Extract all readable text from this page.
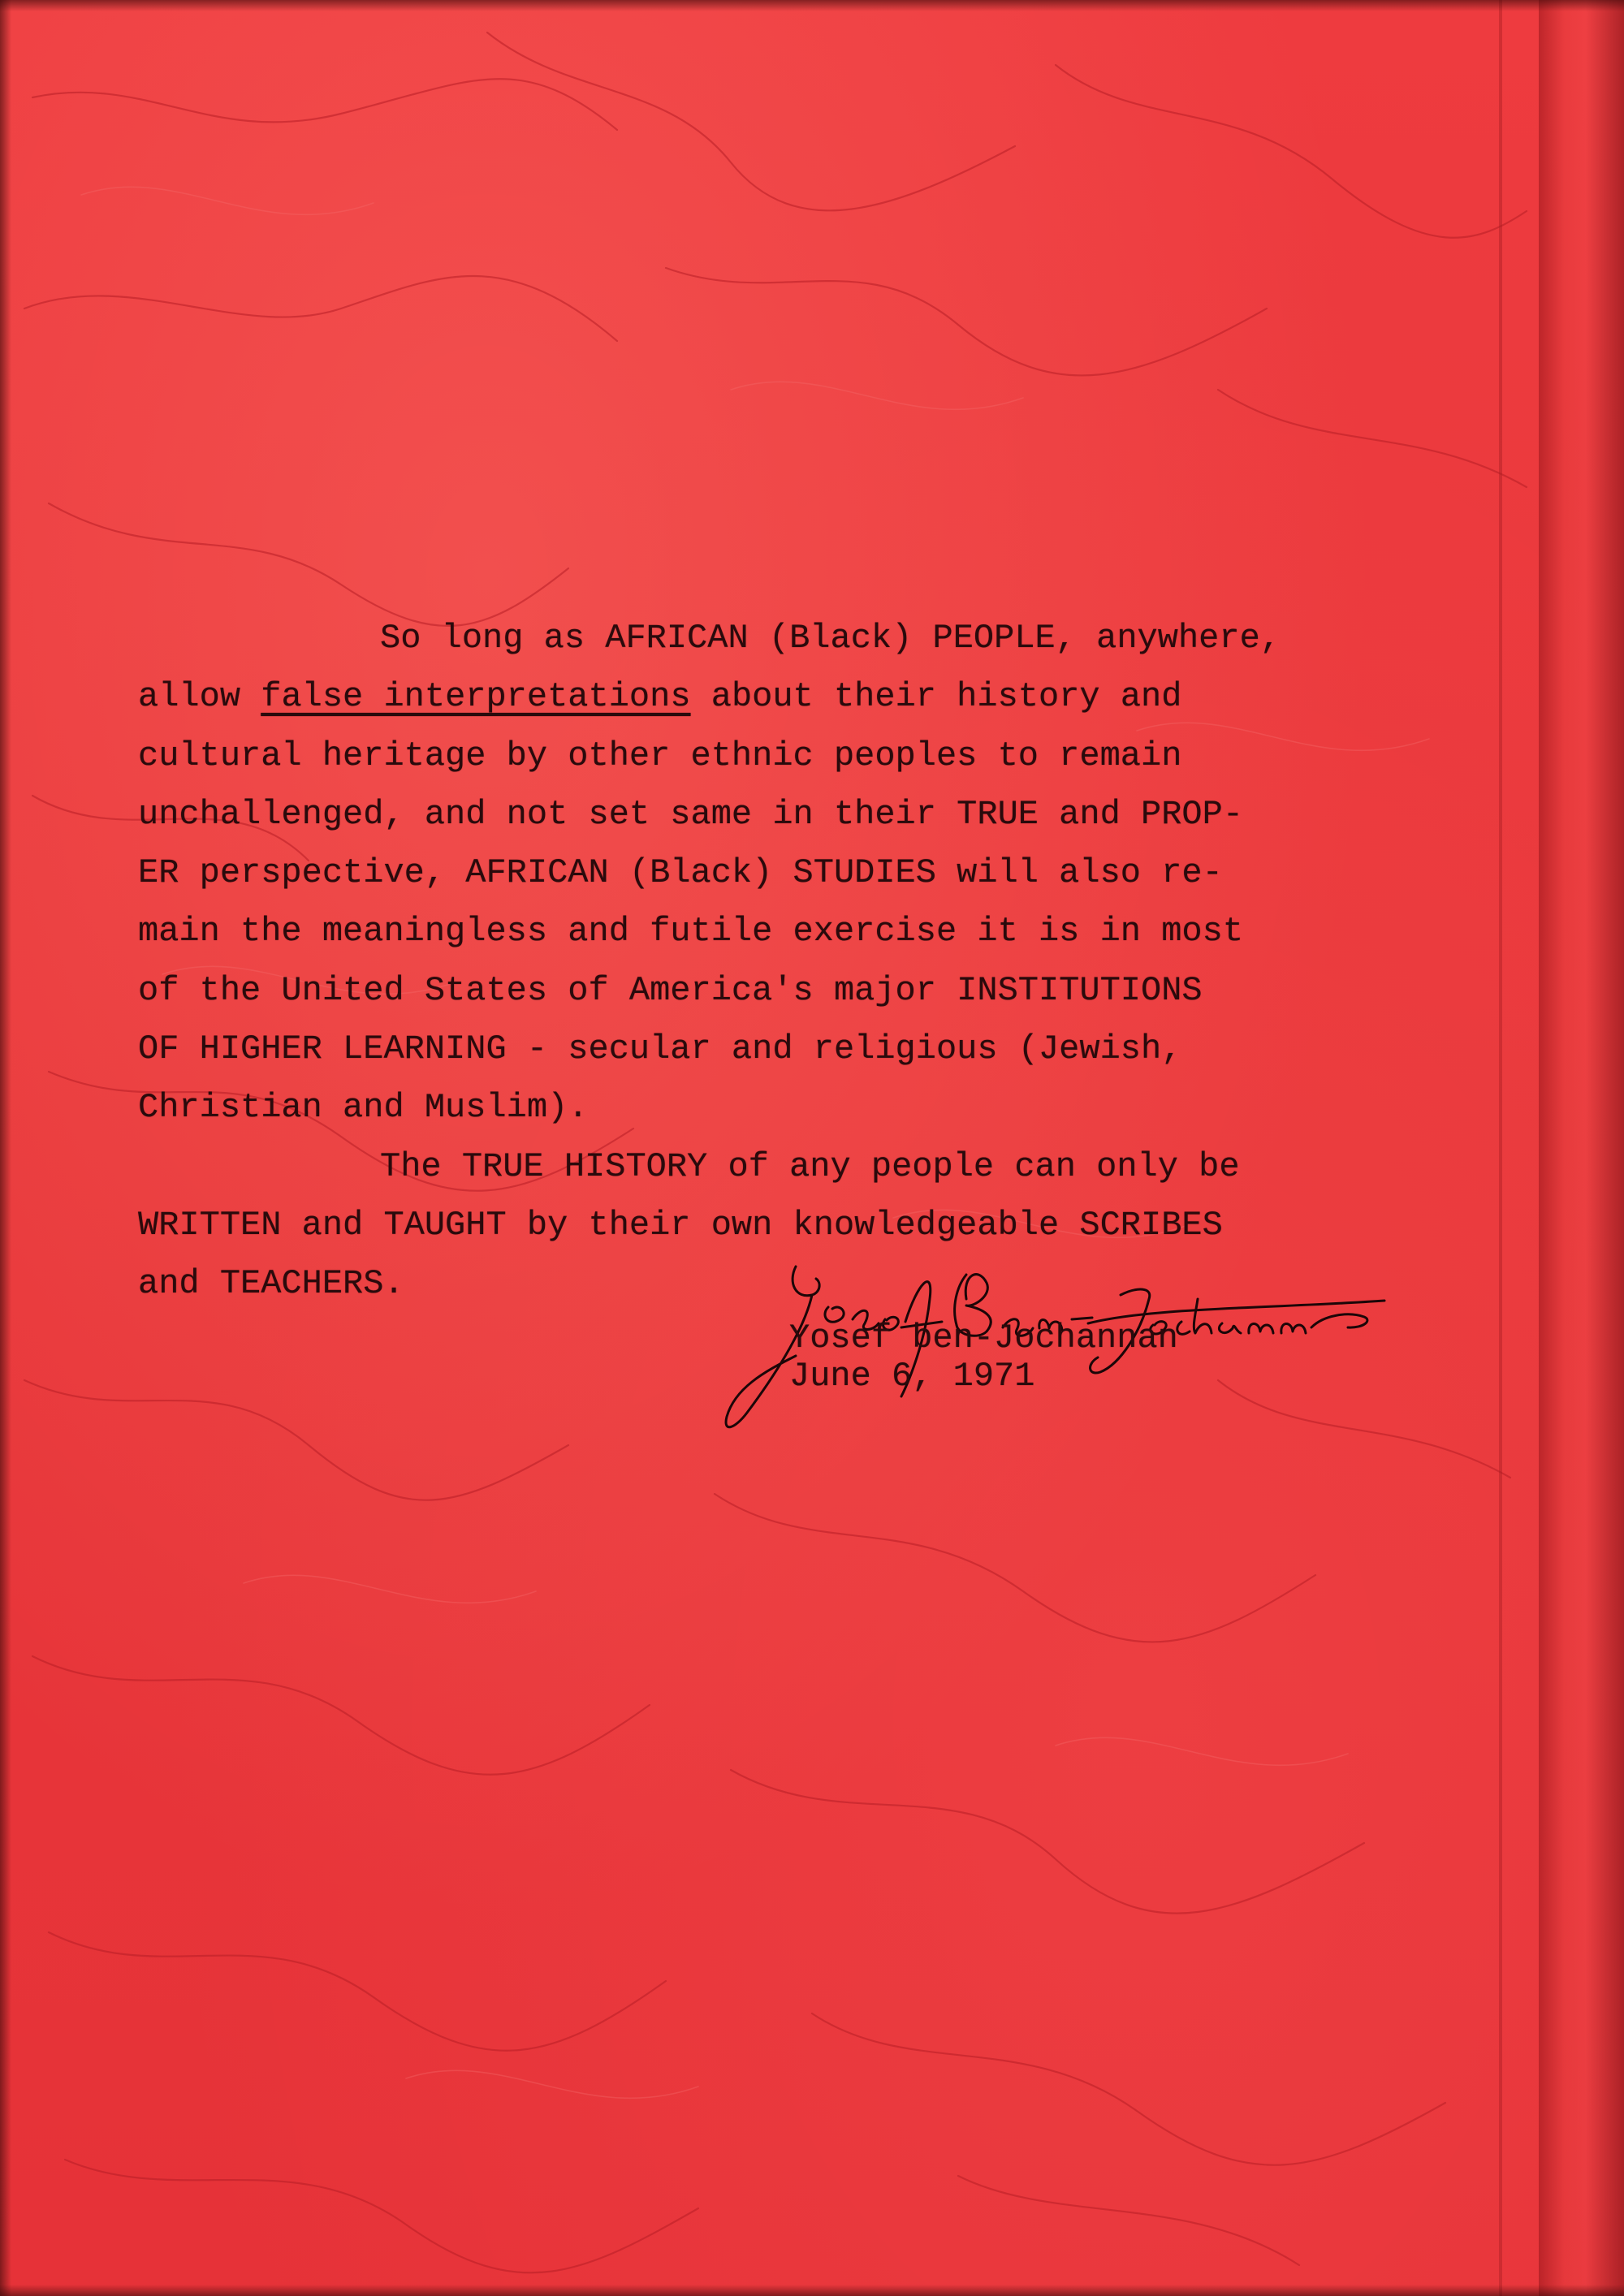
So long as AFRICAN (Black) PEOPLE, anywhere,
allow false interpretations about their history and
cultural heritage by other ethnic peoples to remain
unchallenged, and not set same in their TRUE and PROP-
ER perspective, AFRICAN (Black) STUDIES will also re-
main the meaningless and futile exercise it is in most
of the United States of America's major INSTITUTIONS
OF HIGHER LEARNING - secular and religious (Jewish,
Christian and Muslim).
The TRUE HISTORY of any people can only be
WRITTEN and TAUGHT by their own knowledgeable SCRIBES
and TEACHERS.
Yosef ben-Jochannan
June 6, 1971
